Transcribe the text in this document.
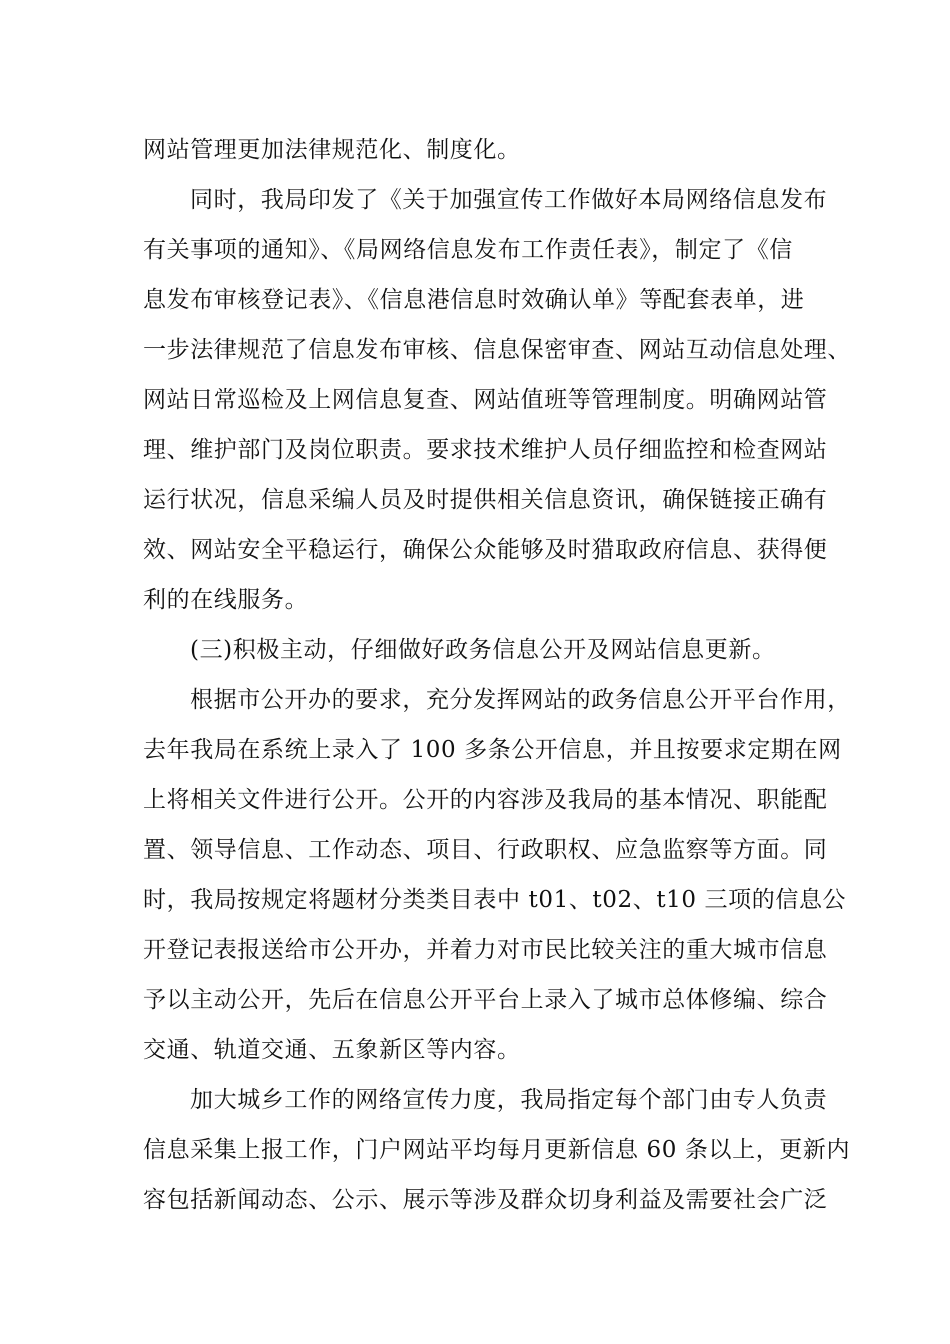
网站管理更加法律规范化、制度化。
同时，我局印发了《关于加强宣传工作做好本局网络信息发布
有关事项的通知》、《局网络信息发布工作责任表》，制定了《信
息发布审核登记表》、《信息港信息时效确认单》等配套表单，进
一步法律规范了信息发布审核、信息保密审查、网站互动信息处理、
网站日常巡检及上网信息复查、网站值班等管理制度。明确网站管
理、维护部门及岗位职责。要求技术维护人员仔细监控和检查网站
运行状况，信息采编人员及时提供相关信息资讯，确保链接正确有
效、网站安全平稳运行，确保公众能够及时猎取政府信息、获得便
利的在线服务。
(三)积极主动，仔细做好政务信息公开及网站信息更新。
根据市公开办的要求，充分发挥网站的政务信息公开平台作用，
去年我局在系统上录入了 100 多条公开信息，并且按要求定期在网
上将相关文件进行公开。公开的内容涉及我局的基本情况、职能配
置、领导信息、工作动态、项目、行政职权、应急监察等方面。同
时，我局按规定将题材分类类目表中 t01、t02、t10 三项的信息公
开登记表报送给市公开办，并着力对市民比较关注的重大城市信息
予以主动公开，先后在信息公开平台上录入了城市总体修编、综合
交通、轨道交通、五象新区等内容。
加大城乡工作的网络宣传力度，我局指定每个部门由专人负责
信息采集上报工作，门户网站平均每月更新信息 60 条以上，更新内
容包括新闻动态、公示、展示等涉及群众切身利益及需要社会广泛
